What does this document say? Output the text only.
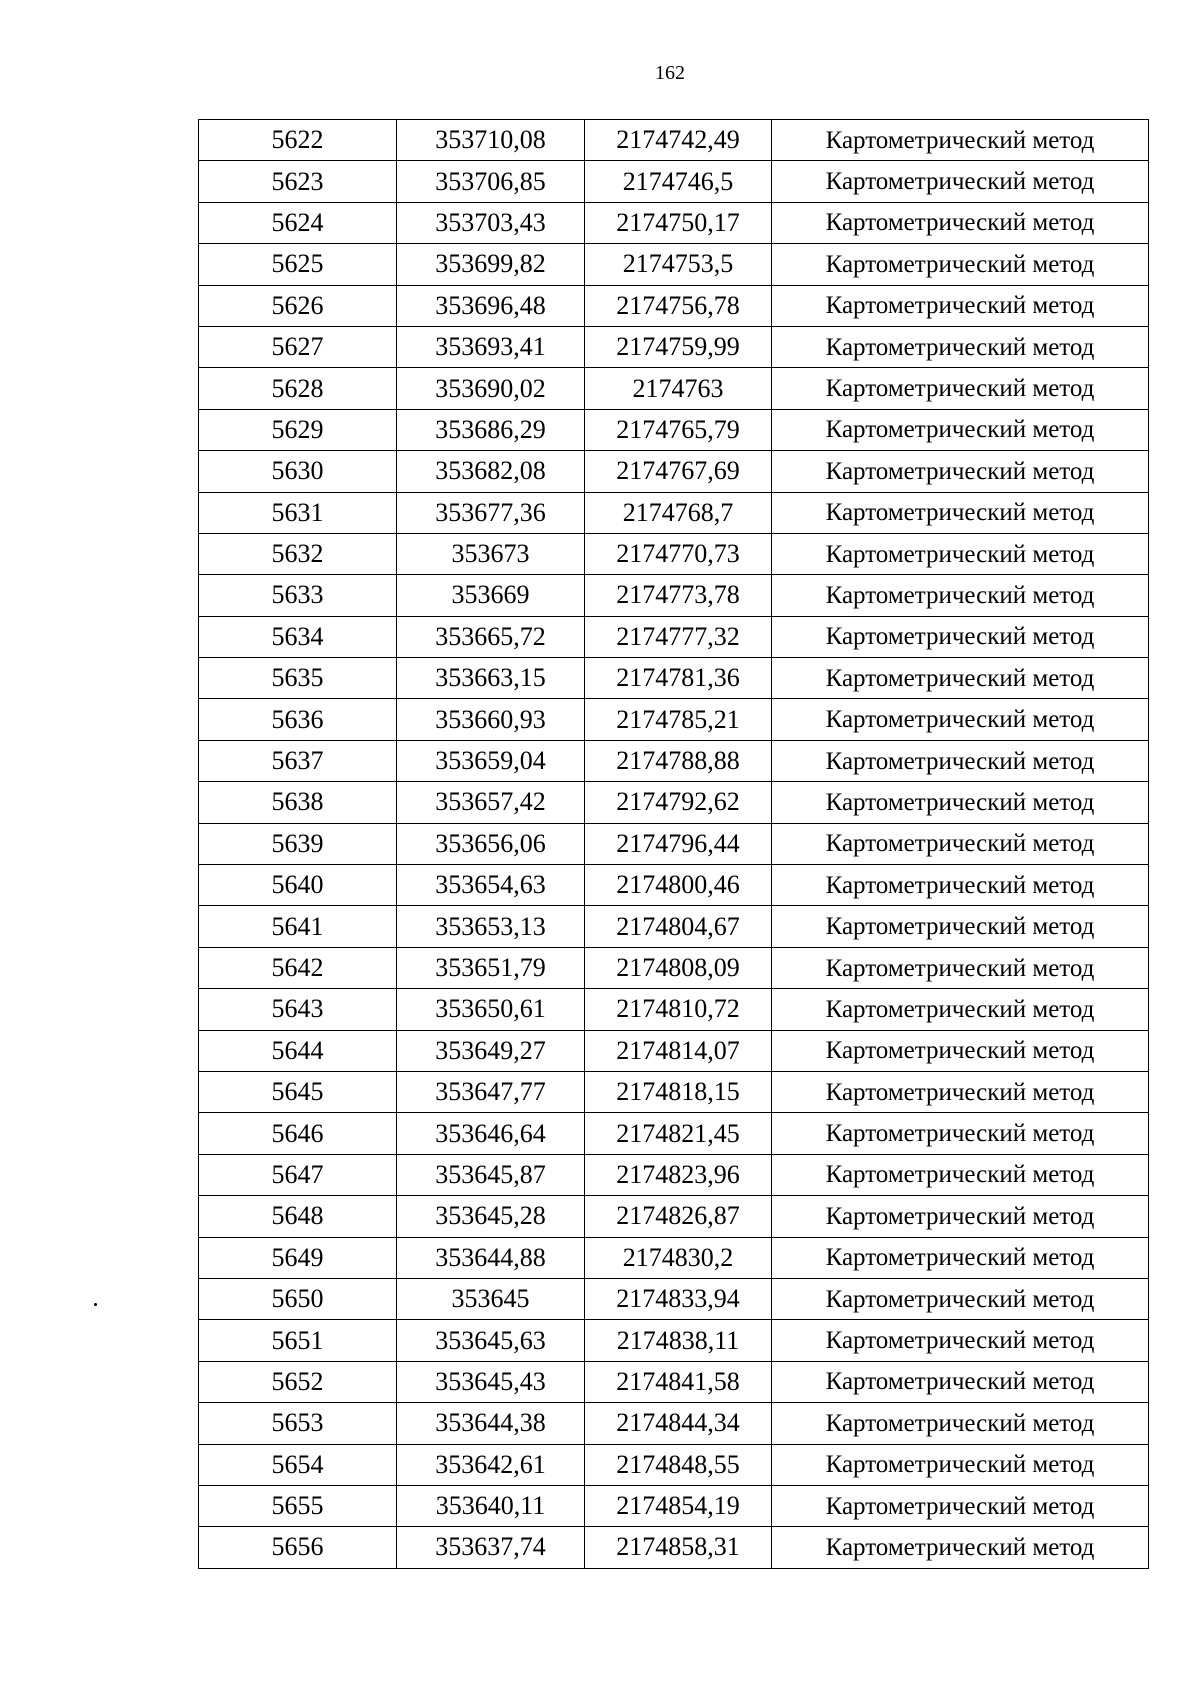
162
5622	353710,08	2174742,49	Картометрический метод
5623	353706,85	2174746,5	Картометрический метод
5624	353703,43	2174750,17	Картометрический метод
5625	353699,82	2174753,5	Картометрический метод
5626	353696,48	2174756,78	Картометрический метод
5627	353693,41	2174759,99	Картометрический метод
5628	353690,02	2174763	Картометрический метод
5629	353686,29	2174765,79	Картометрический метод
5630	353682,08	2174767,69	Картометрический метод
5631	353677,36	2174768,7	Картометрический метод
5632	353673	2174770,73	Картометрический метод
5633	353669	2174773,78	Картометрический метод
5634	353665,72	2174777,32	Картометрический метод
5635	353663,15	2174781,36	Картометрический метод
5636	353660,93	2174785,21	Картометрический метод
5637	353659,04	2174788,88	Картометрический метод
5638	353657,42	2174792,62	Картометрический метод
5639	353656,06	2174796,44	Картометрический метод
5640	353654,63	2174800,46	Картометрический метод
5641	353653,13	2174804,67	Картометрический метод
5642	353651,79	2174808,09	Картометрический метод
5643	353650,61	2174810,72	Картометрический метод
5644	353649,27	2174814,07	Картометрический метод
5645	353647,77	2174818,15	Картометрический метод
5646	353646,64	2174821,45	Картометрический метод
5647	353645,87	2174823,96	Картометрический метод
5648	353645,28	2174826,87	Картометрический метод
5649	353644,88	2174830,2	Картометрический метод
5650	353645	2174833,94	Картометрический метод
5651	353645,63	2174838,11	Картометрический метод
5652	353645,43	2174841,58	Картометрический метод
5653	353644,38	2174844,34	Картометрический метод
5654	353642,61	2174848,55	Картометрический метод
5655	353640,11	2174854,19	Картометрический метод
5656	353637,74	2174858,31	Картометрический метод
